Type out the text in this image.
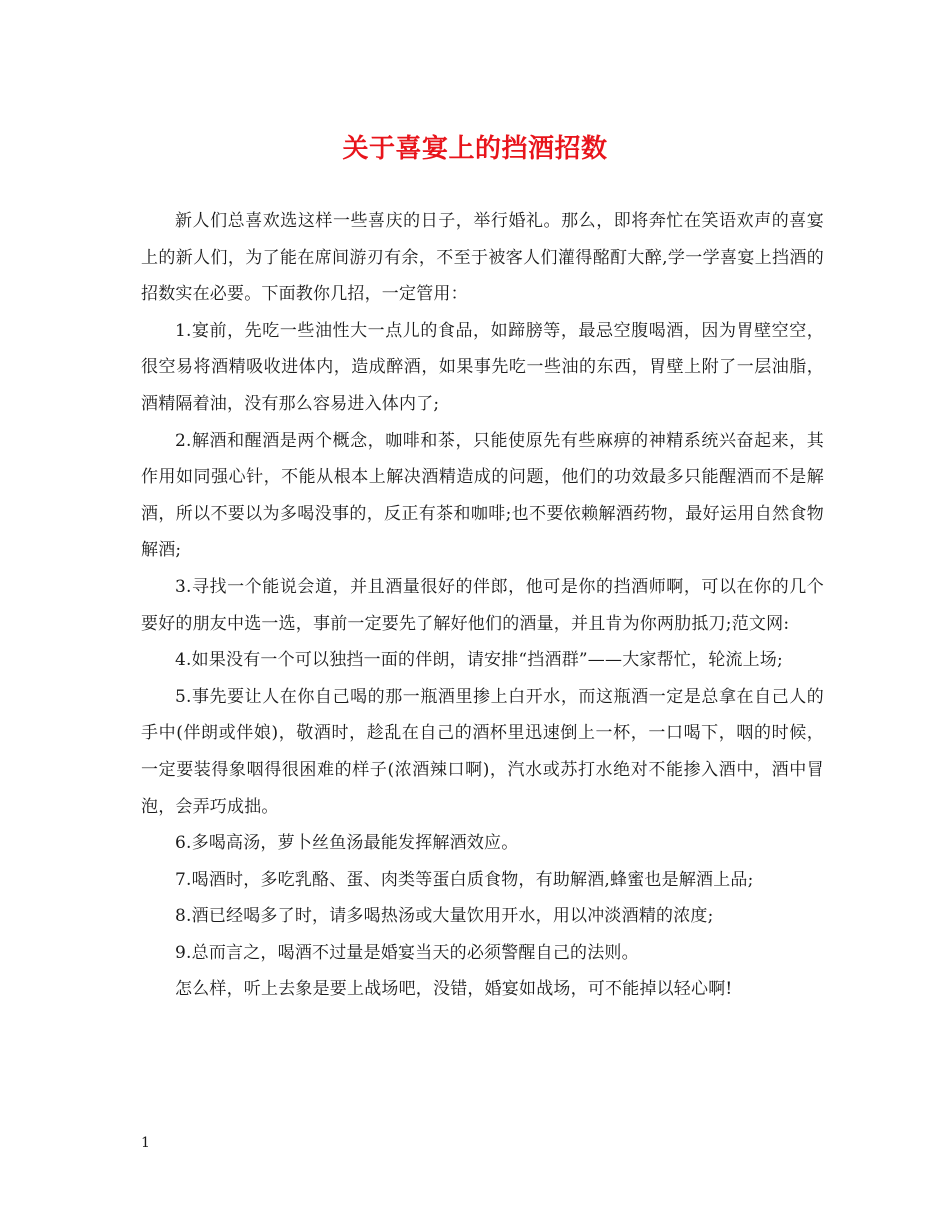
关于喜宴上的挡酒招数

新人们总喜欢选这样一些喜庆的日子，举行婚礼。那么，即将奔忙在笑语欢声的喜宴上的新人们，为了能在席间游刃有余，不至于被客人们灌得酩酊大醉,学一学喜宴上挡酒的招数实在必要。下面教你几招，一定管用：

1.宴前，先吃一些油性大一点儿的食品，如蹄膀等，最忌空腹喝酒，因为胃壁空空，很空易将酒精吸收进体内，造成醉酒，如果事先吃一些油的东西，胃壁上附了一层油脂，酒精隔着油，没有那么容易进入体内了;

2.解酒和醒酒是两个概念，咖啡和茶，只能使原先有些麻痹的神精系统兴奋起来，其作用如同强心针，不能从根本上解决酒精造成的问题，他们的功效最多只能醒酒而不是解酒，所以不要以为多喝没事的，反正有茶和咖啡;也不要依赖解酒药物，最好运用自然食物解酒;

3.寻找一个能说会道，并且酒量很好的伴郎，他可是你的挡酒师啊，可以在你的几个要好的朋友中选一选，事前一定要先了解好他们的酒量，并且肯为你两肋抵刀;范文网:

4.如果没有一个可以独挡一面的伴朗，请安排“挡酒群”——大家帮忙，轮流上场;

5.事先要让人在你自己喝的那一瓶酒里掺上白开水，而这瓶酒一定是总拿在自己人的手中(伴朗或伴娘)，敬酒时，趁乱在自己的酒杯里迅速倒上一杯，一口喝下，咽的时候，一定要装得象咽得很困难的样子(浓酒辣口啊)，汽水或苏打水绝对不能掺入酒中，酒中冒泡，会弄巧成拙。

6.多喝高汤，萝卜丝鱼汤最能发挥解酒效应。

7.喝酒时，多吃乳酪、蛋、肉类等蛋白质食物，有助解酒,蜂蜜也是解酒上品;

8.酒已经喝多了时，请多喝热汤或大量饮用开水，用以冲淡酒精的浓度;

9.总而言之，喝酒不过量是婚宴当天的必须警醒自己的法则。

怎么样，听上去象是要上战场吧，没错，婚宴如战场，可不能掉以轻心啊!

1
